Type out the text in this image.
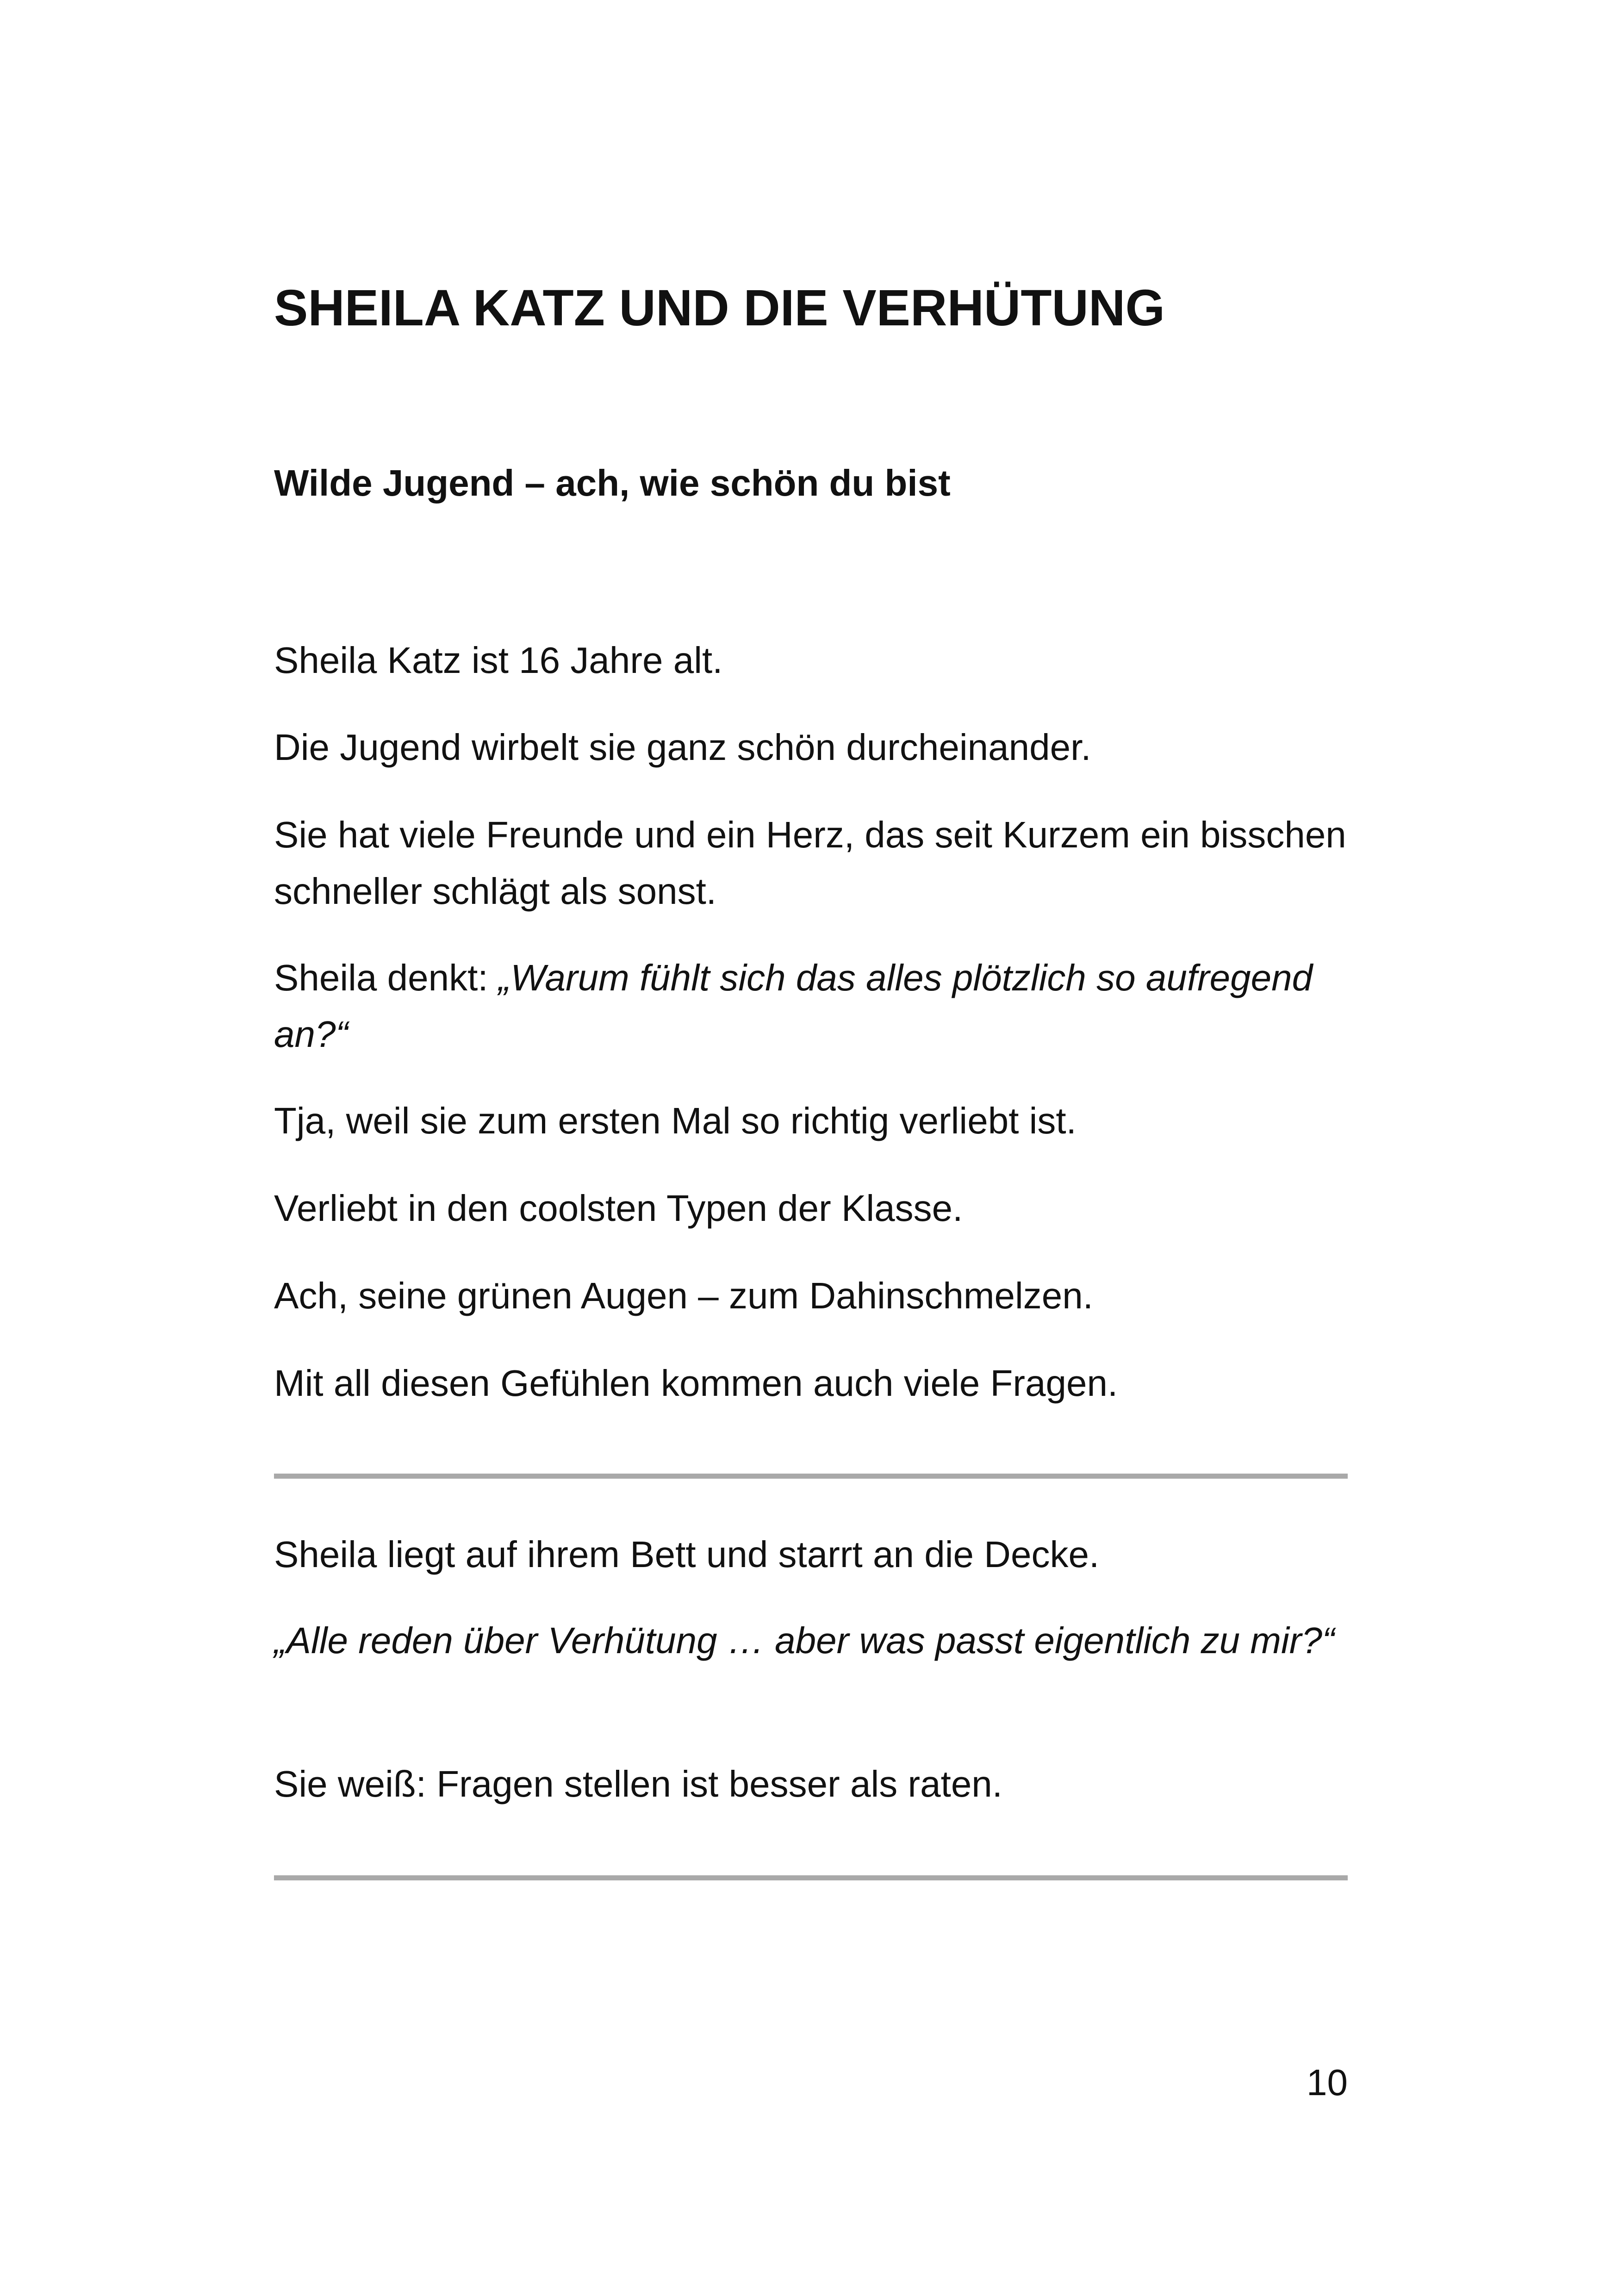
SHEILA KATZ UND DIE VERHÜTUNG
Wilde Jugend – ach, wie schön du bist

Sheila Katz ist 16 Jahre alt.

Die Jugend wirbelt sie ganz schön durcheinander.

Sie hat viele Freunde und ein Herz, das seit Kurzem ein bisschen schneller schlägt als sonst.

Sheila denkt: „Warum fühlt sich das alles plötzlich so aufregend an?“

Tja, weil sie zum ersten Mal so richtig verliebt ist.

Verliebt in den coolsten Typen der Klasse.

Ach, seine grünen Augen – zum Dahinschmelzen.

Mit all diesen Gefühlen kommen auch viele Fragen.

Sheila liegt auf ihrem Bett und starrt an die Decke.

„Alle reden über Verhütung … aber was passt eigentlich zu mir?“

Sie weiß: Fragen stellen ist besser als raten.

10
